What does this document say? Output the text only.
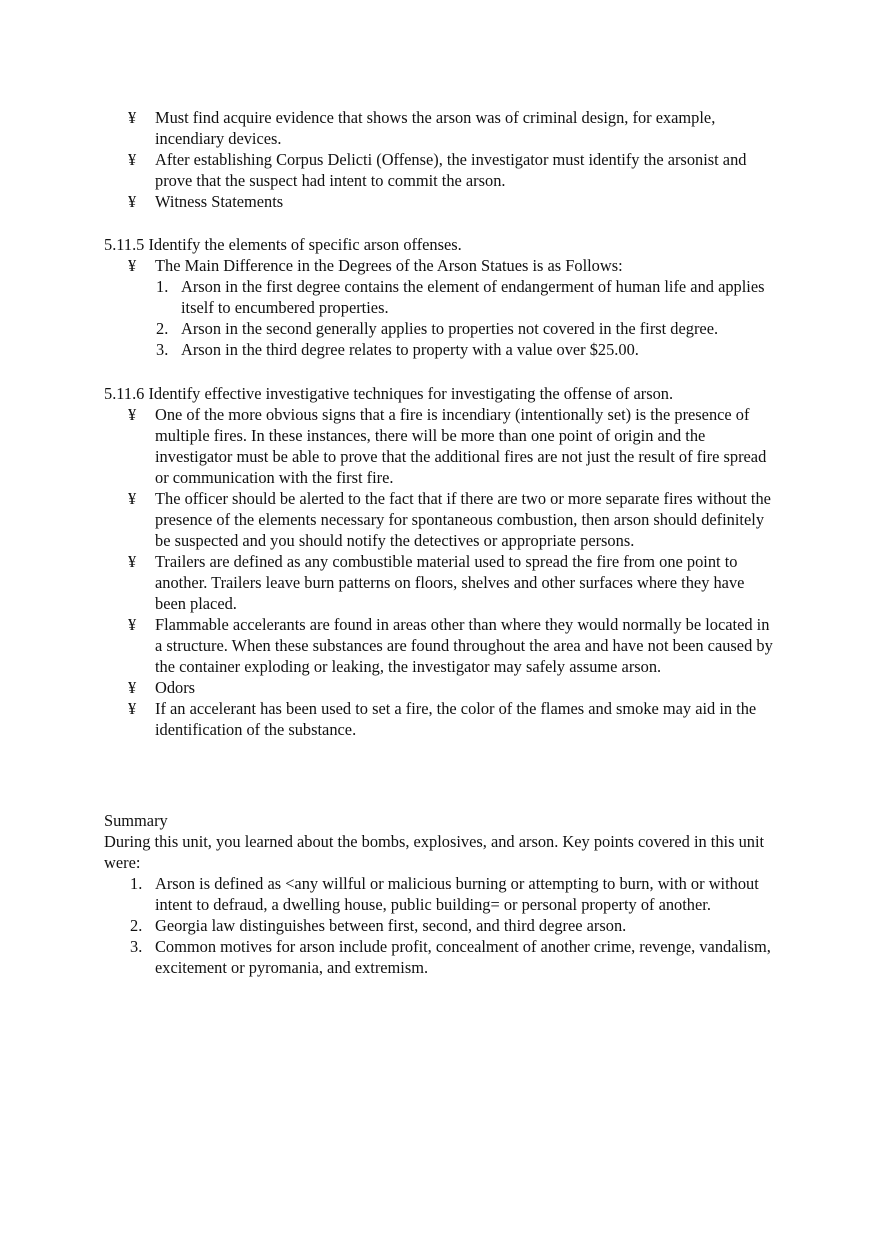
¥ Must find acquire evidence that shows the arson was of criminal design, for example, incendiary devices.

¥ After establishing Corpus Delicti (Offense), the investigator must identify the arsonist and prove that the suspect had intent to commit the arson.

¥ Witness Statements

5.11.5 Identify the elements of specific arson offenses.

¥ The Main Difference in the Degrees of the Arson Statues is as Follows:

1. Arson in the first degree contains the element of endangerment of human life and applies itself to encumbered properties.

2. Arson in the second generally applies to properties not covered in the first degree.

3. Arson in the third degree relates to property with a value over $25.00.

5.11.6 Identify effective investigative techniques for investigating the offense of arson.

¥ One of the more obvious signs that a fire is incendiary (intentionally set) is the presence of multiple fires. In these instances, there will be more than one point of origin and the investigator must be able to prove that the additional fires are not just the result of fire spread or communication with the first fire.

¥ The officer should be alerted to the fact that if there are two or more separate fires without the presence of the elements necessary for spontaneous combustion, then arson should definitely be suspected and you should notify the detectives or appropriate persons.

¥ Trailers are defined as any combustible material used to spread the fire from one point to another. Trailers leave burn patterns on floors, shelves and other surfaces where they have been placed.

¥ Flammable accelerants are found in areas other than where they would normally be located in a structure. When these substances are found throughout the area and have not been caused by the container exploding or leaking, the investigator may safely assume arson.

¥ Odors

¥ If an accelerant has been used to set a fire, the color of the flames and smoke may aid in the identification of the substance.

Summary

During this unit, you learned about the bombs, explosives, and arson. Key points covered in this unit were:

1. Arson is defined as <any willful or malicious burning or attempting to burn, with or without intent to defraud, a dwelling house, public building= or personal property of another.

2. Georgia law distinguishes between first, second, and third degree arson.

3. Common motives for arson include profit, concealment of another crime, revenge, vandalism, excitement or pyromania, and extremism.
